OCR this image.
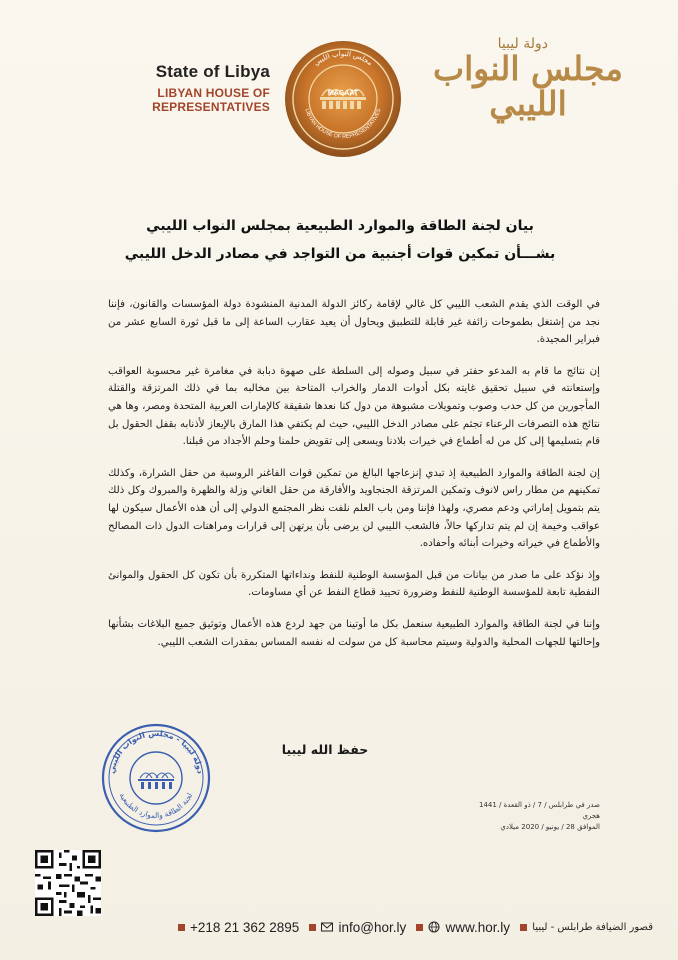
State of Libya
LIBYAN HOUSE OF REPRESENTATIVES
MAGAAT
مجلس النواب الليبي
LIBYAN HOUSE OF REPRESENTATIVES
دولة ليبيا
مجلس النواب الليبي
بيان لجنة الطاقة والموارد الطبيعية بمجلس النواب الليبي
بشـــأن تمكين قوات أجنبية من التواجد في مصادر الدخل الليبي

في الوقت الذي يقدم الشعب الليبي كل غالي لإقامة ركائز الدولة المدنية المنشودة دولة المؤسسات والقانون، فإننا نجد من إشتغل بطموحات زائفة غير قابلة للتطبيق ويحاول أن يعيد عقارب الساعة إلى ما قبل ثورة السابع عشر من فبراير المجيدة.

إن نتائج ما قام به المدعو حفتر في سبيل وصوله إلى السلطة على صهوة دبابة في مغامرة غير محسوبة العواقب وإستعانته في سبيل تحقيق غايته بكل أدوات الدمار والخراب المتاحة بين مخالبه بما في ذلك المرتزقة والقتلة المأجورين من كل حدب وصوب وتمويلات مشبوهة من دول كنا نعدها شقيقة كالإمارات العربية المتحدة ومصر، وها هي نتائج هذه التصرفات الرعناء تجثم على مصادر الدخل الليبي، حيث لم يكتفي هذا المارق بالإيعاز لأذنابه بقفل الحقول بل قام بتسليمها إلى كل من له أطماع في خيرات بلادنا ويسعى إلى تقويض حلمنا وحلم الأجداد من قبلنا.

إن لجنة الطاقة والموارد الطبيعية إذ تبدي إنزعاجها البالغ من تمكين قوات الفاغنر الروسية من حقل الشرارة، وكذلك تمكينهم من مطار راس لانوف وتمكين المرتزقة الجنجاويد والأفارقة من حقل الغاني وزلة والظهرة والمبروك وكل ذلك يتم بتمويل إماراتي ودعم مصري، ولهذا فإننا ومن باب العلم نلفت نظر المجتمع الدولي إلى أن هذه الأعمال سيكون لها عواقب وخيمة إن لم يتم تداركها حالاً، فالشعب الليبي لن يرضى بأن يرتهن إلى قرارات ومراهنات الدول ذات المصالح والأطماع في خيراته وخيرات أبنائه وأحفاده.

وإذ نؤكد على ما صدر من بيانات من قبل المؤسسة الوطنية للنفط ونداءاتها المتكررة بأن تكون كل الحقول والموانئ النفطية تابعة للمؤسسة الوطنية للنفط وضرورة تحييد قطاع النفط عن أي مساومات.

وإننا في لجنة الطاقة والموارد الطبيعية سنعمل بكل ما أوتينا من جهد لردع هذه الأعمال وتوثيق جميع البلاغات بشأنها وإحالتها للجهات المحلية والدولية وسيتم محاسبة كل من سولت له نفسه المساس بمقدرات الشعب الليبي.

حفظ الله ليبيا
دولة ليبيا - مجلس النواب الليبي
لجنة الطاقة والموارد الطبيعية
صدر في طرابلس / 7 / ذو القعدة / 1441 هجري
الموافق 28 / يونيو / 2020 ميلادي
+218 21 362 2895	info@hor.ly	www.hor.ly قصور الضيافة طرابلس - ليبيا
